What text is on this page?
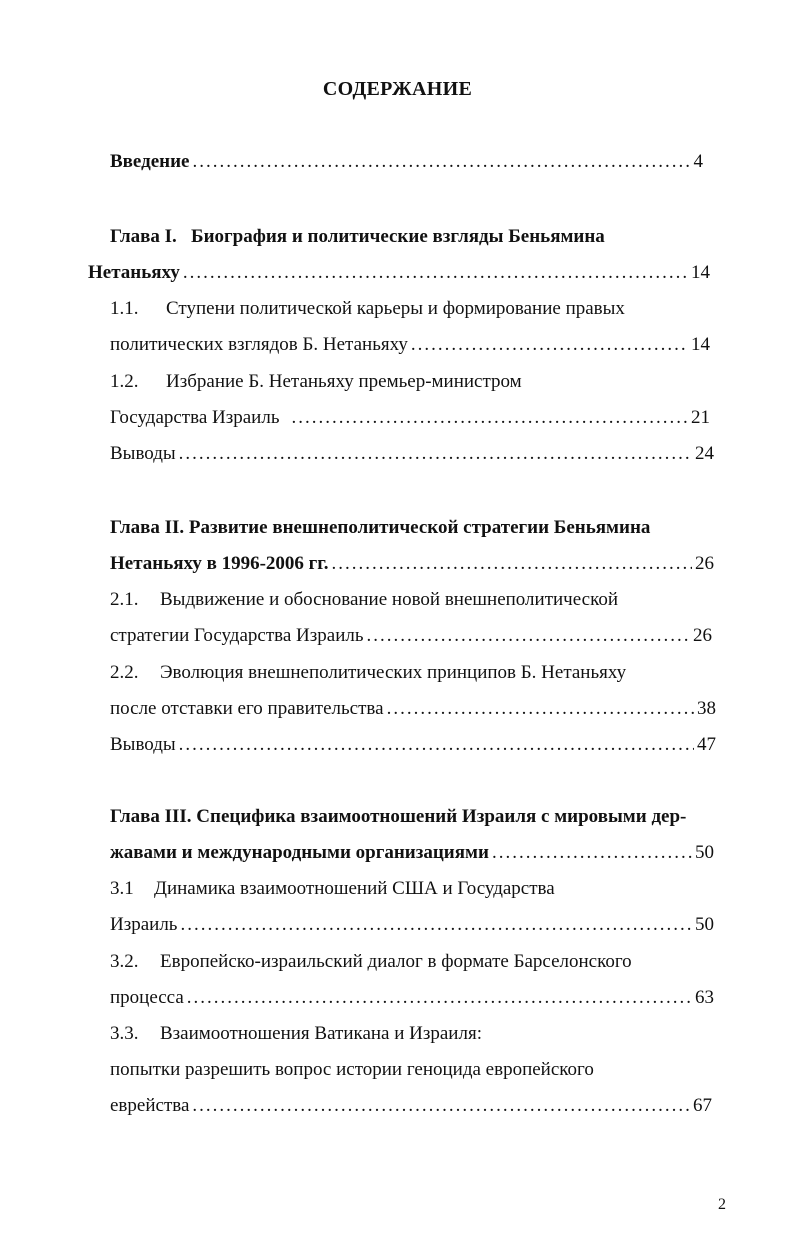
СОДЕРЖАНИЕ
Введение .....	4
Глава I.   Биография и политические взгляды Беньямина
Нетаньяху .....	14
1.1.	Ступени политической карьеры и формирование правых
политических взглядов Б. Нетаньяху .....	14
1.2.	Избрание Б. Нетаньяху премьер-министром
Государства Израиль .....	21
Выводы .....	24
Глава II. Развитие внешнеполитической стратегии Беньямина
Нетаньяху в 1996-2006 гг. .....	26
2.1.	Выдвижение и обоснование новой внешнеполитической
стратегии Государства Израиль .....	26
2.2.	Эволюция внешнеполитических принципов Б. Нетаньяху
после отставки его правительства .....	38
Выводы .....	47
Глава III. Специфика взаимоотношений Израиля с мировыми дер-
жавами и международными организациями .....	50
3.1	Динамика взаимоотношений США и Государства
Израиль .....	50
3.2.	Европейско-израильский диалог в формате Барселонского
процесса .....	63
3.3.	Взаимоотношения Ватикана и Израиля:
попытки разрешить вопрос истории геноцида европейского
еврейства .....	67
2
